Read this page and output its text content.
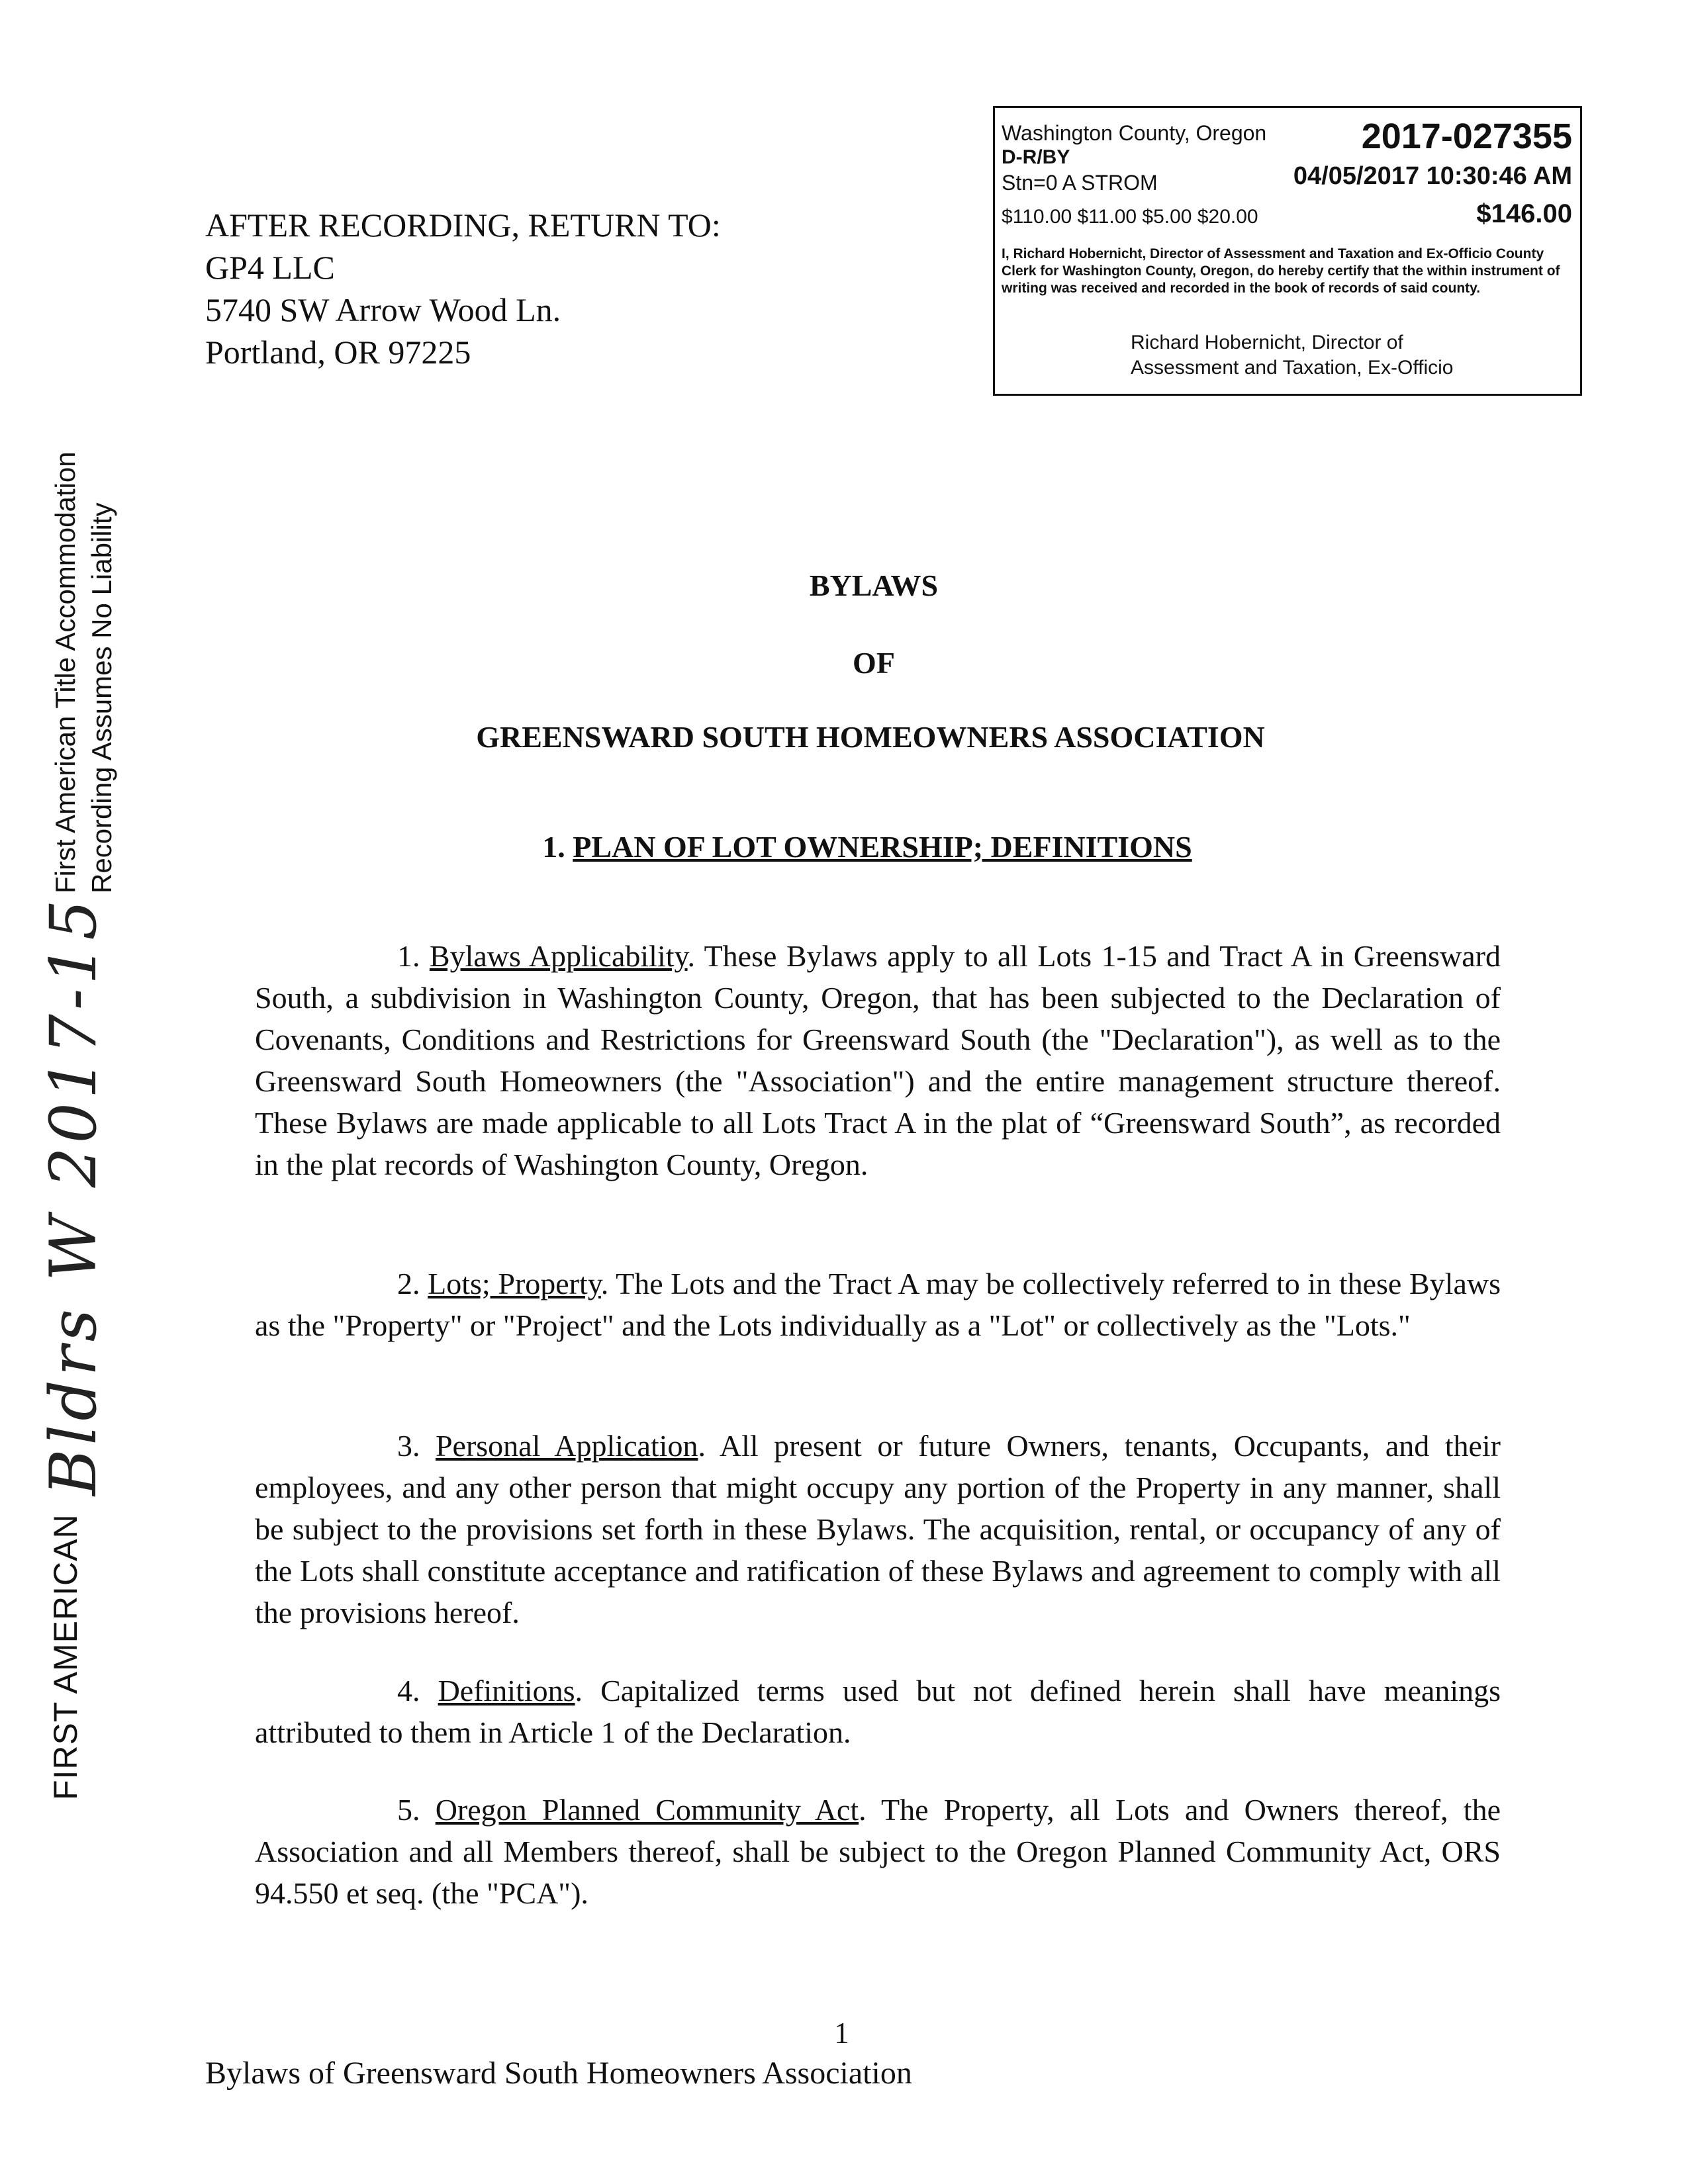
AFTER RECORDING, RETURN TO:
GP4 LLC
5740 SW Arrow Wood Ln.
Portland, OR 97225
Washington County, Oregon	2017-027355
D-R/BY
Stn=0 A STROM	04/05/2017 10:30:46 AM
$110.00 $11.00 $5.00 $20.00	$146.00
I, Richard Hobernicht, Director of Assessment and Taxation and Ex-Officio County Clerk for Washington County, Oregon, do hereby certify that the within instrument of writing was received and recorded in the book of records of said county.
Richard Hobernicht, Director of
Assessment and Taxation, Ex-Officio
First American Title Accommodation Recording Assumes No Liability
Bldrs W 2017-15
FIRST AMERICAN
BYLAWS
OF
GREENSWARD SOUTH HOMEOWNERS ASSOCIATION
1. PLAN OF LOT OWNERSHIP; DEFINITIONS
1. Bylaws Applicability. These Bylaws apply to all Lots 1-15 and Tract A in Greensward South, a subdivision in Washington County, Oregon, that has been subjected to the Declaration of Covenants, Conditions and Restrictions for Greensward South (the "Declaration"), as well as to the Greensward South Homeowners (the "Association") and the entire management structure thereof. These Bylaws are made applicable to all Lots Tract A in the plat of “Greensward South”, as recorded in the plat records of Washington County, Oregon.
2. Lots; Property. The Lots and the Tract A may be collectively referred to in these Bylaws as the "Property" or "Project" and the Lots individually as a "Lot" or collectively as the "Lots."
3. Personal Application. All present or future Owners, tenants, Occupants, and their employees, and any other person that might occupy any portion of the Property in any manner, shall be subject to the provisions set forth in these Bylaws. The acquisition, rental, or occupancy of any of the Lots shall constitute acceptance and ratification of these Bylaws and agreement to comply with all the provisions hereof.
4. Definitions. Capitalized terms used but not defined herein shall have meanings attributed to them in Article 1 of the Declaration.
5. Oregon Planned Community Act. The Property, all Lots and Owners thereof, the Association and all Members thereof, shall be subject to the Oregon Planned Community Act, ORS 94.550 et seq. (the "PCA").
1
Bylaws of Greensward South Homeowners Association
